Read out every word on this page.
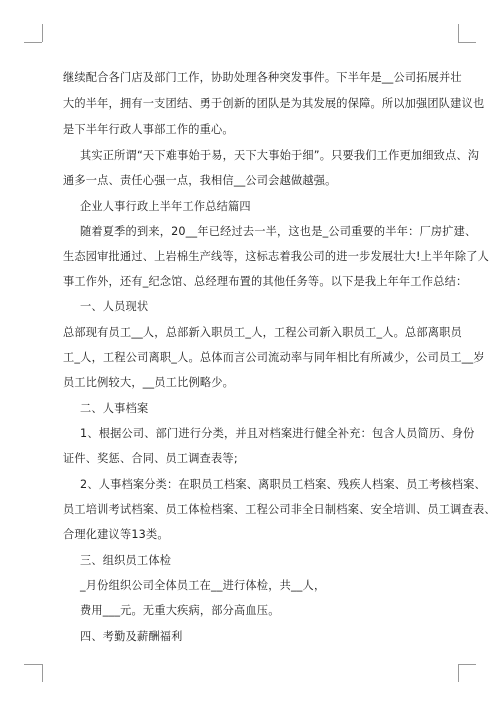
继续配合各门店及部门工作，协助处理各种突发事件。下半年是__公司拓展并壮
大的半年，拥有一支团结、勇于创新的团队是为其发展的保障。所以加强团队建议也
是下半年行政人事部工作的重心。
其实正所谓“天下难事始于易，天下大事始于细”。只要我们工作更加细致点、沟
通多一点、责任心强一点，我相信__公司会越做越强。
企业人事行政上半年工作总结篇四
随着夏季的到来，20__年已经过去一半，这也是_公司重要的半年：厂房扩建、
生态园审批通过、上岩棉生产线等，这标志着我公司的进一步发展壮大!上半年除了人
事工作外，还有_纪念馆、总经理布置的其他任务等。以下是我上年年工作总结：
一、人员现状
总部现有员工__人，总部新入职员工_人，工程公司新入职员工_人。总部离职员
工_人，工程公司离职_人。总体而言公司流动率与同年相比有所减少，公司员工__岁
员工比例较大，__员工比例略少。
二、人事档案
1、根据公司、部门进行分类，并且对档案进行健全补充：包含人员简历、身份
证件、奖惩、合同、员工调查表等;
2、人事档案分类：在职员工档案、离职员工档案、残疾人档案、员工考核档案、
员工培训考试档案、员工体检档案、工程公司非全日制档案、安全培训、员工调查表、
合理化建议等13类。
三、组织员工体检
_月份组织公司全体员工在__进行体检，共__人，
费用___元。无重大疾病，部分高血压。
四、考勤及薪酬福利
